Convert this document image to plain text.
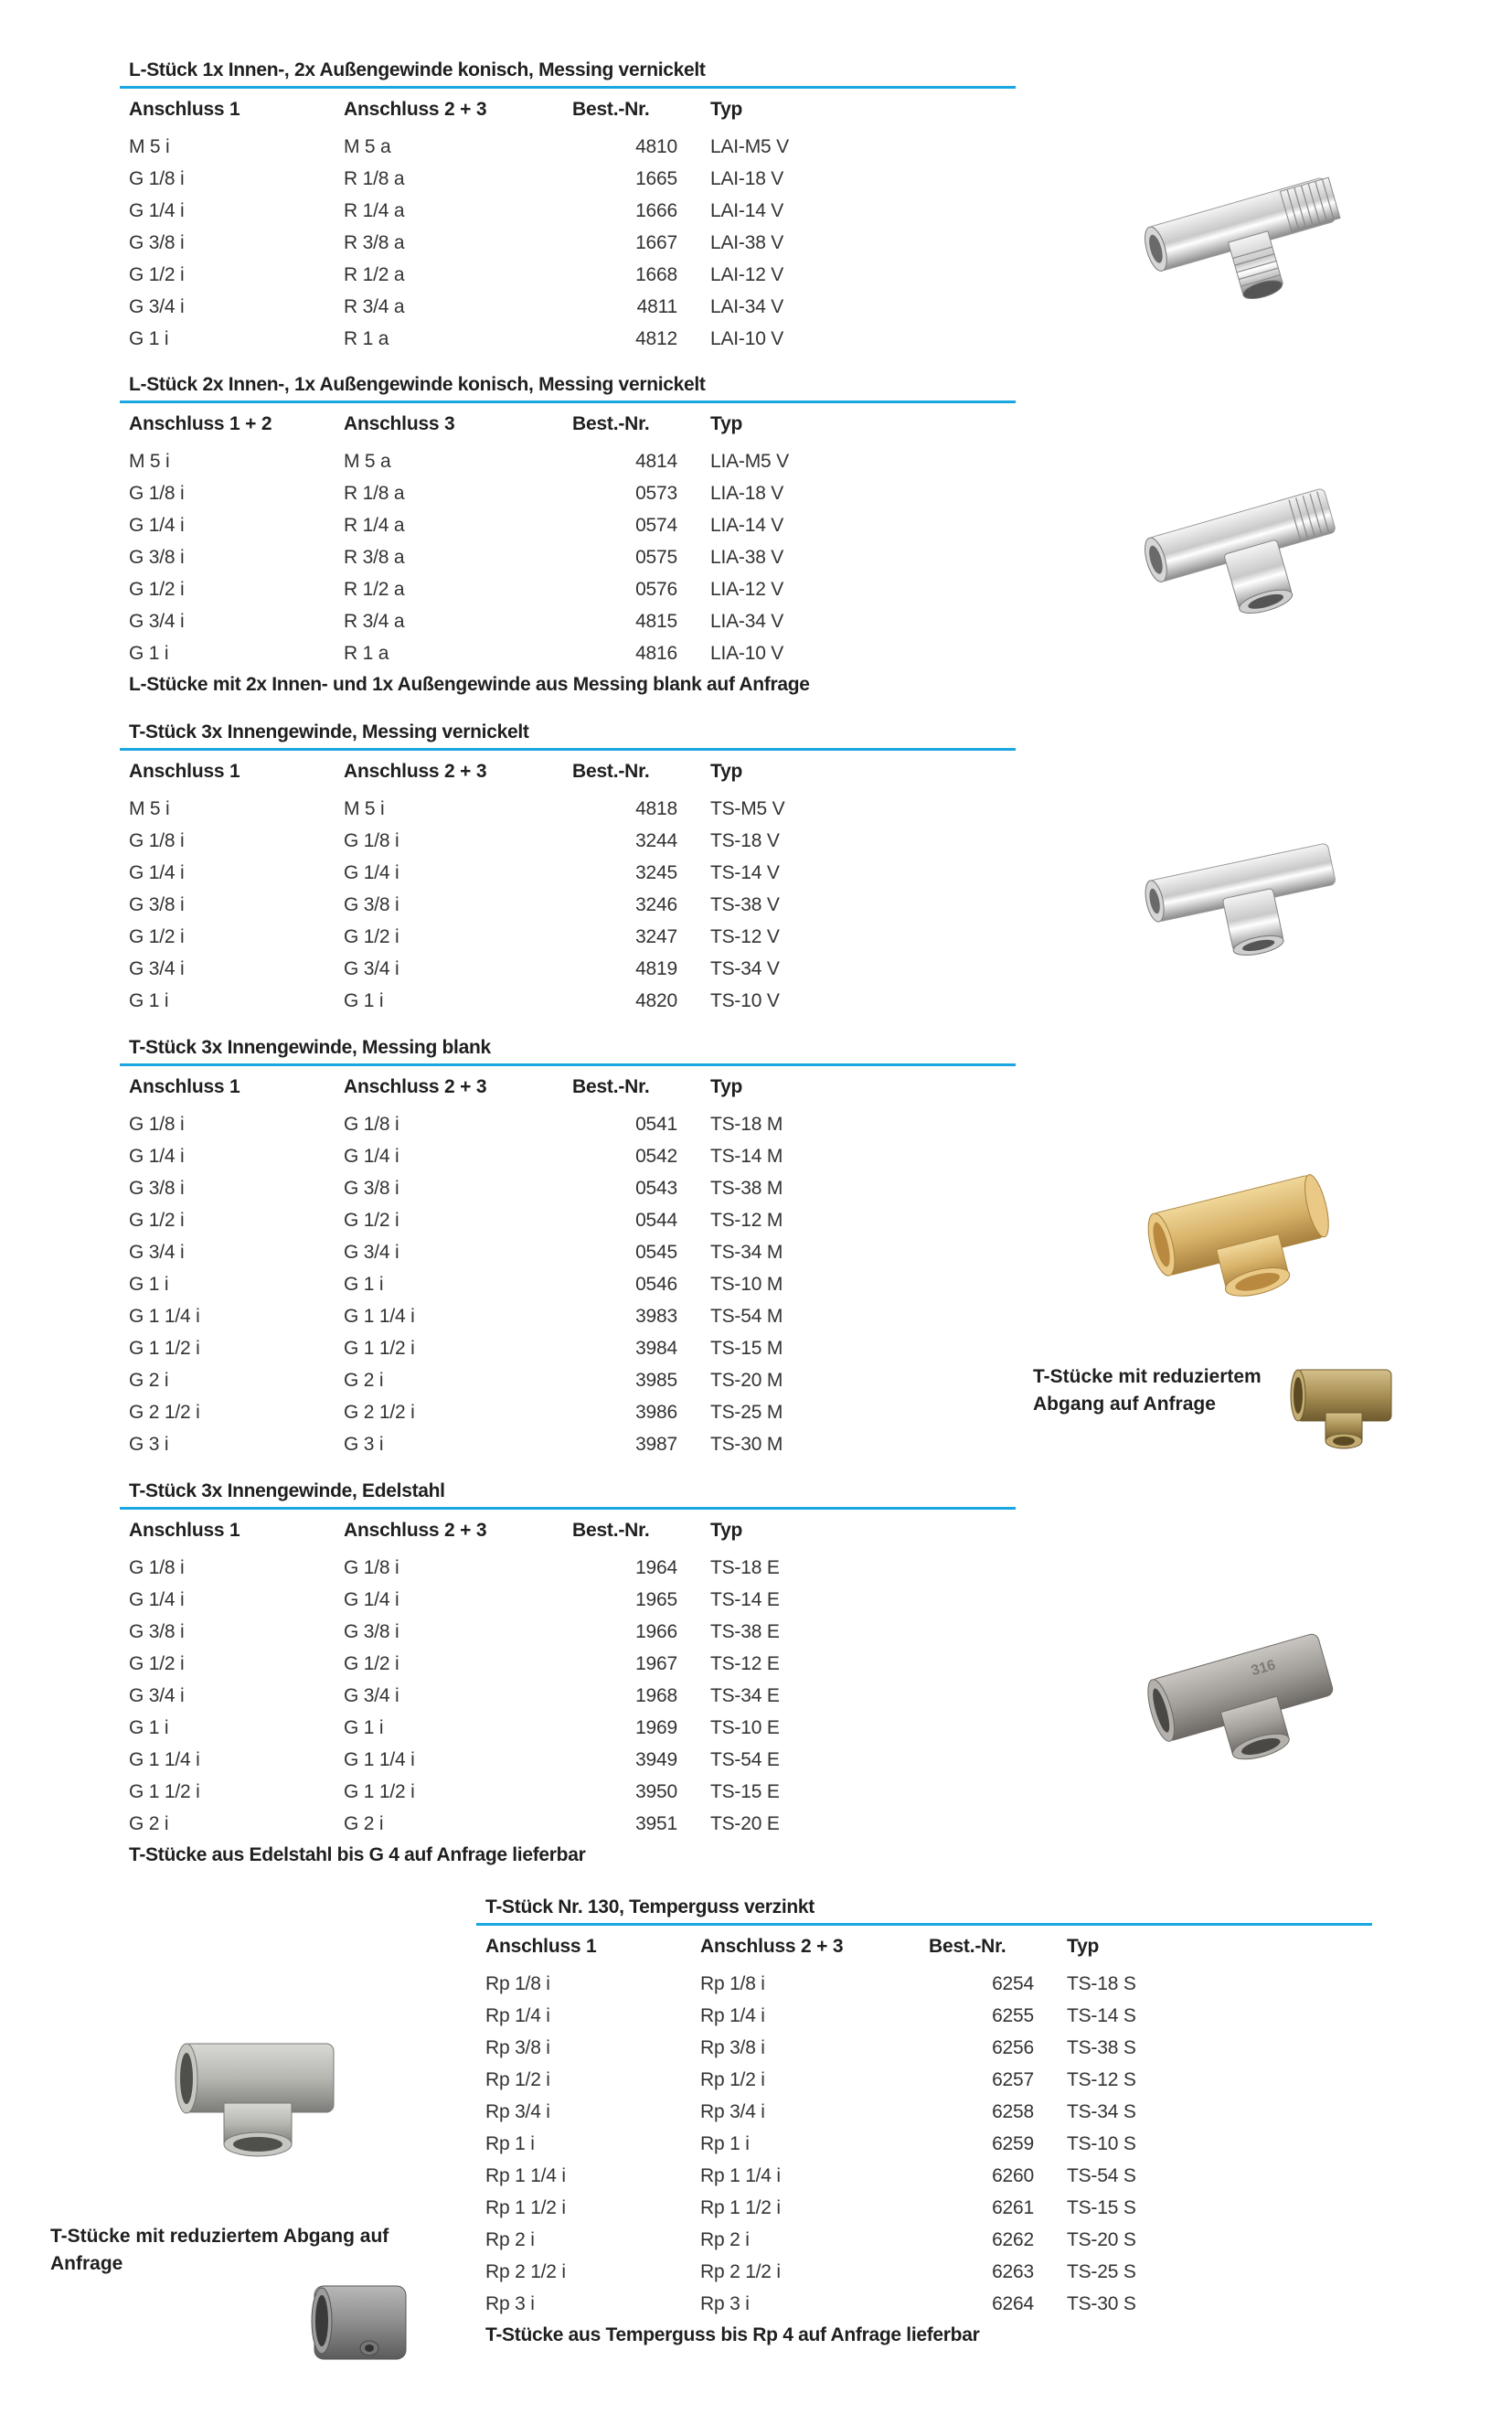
L-Stück 1x Innen-, 2x Außengewinde konisch, Messing vernickelt
Anschluss 1	Anschluss 2 + 3	Best.-Nr.	Typ
M 5 i	M 5 a	4810	LAI-M5 V
G 1/8 i	R 1/8 a	1665	LAI-18 V
G 1/4 i	R 1/4 a	1666	LAI-14 V
G 3/8 i	R 3/8 a	1667	LAI-38 V
G 1/2 i	R 1/2 a	1668	LAI-12 V
G 3/4 i	R 3/4 a	4811	LAI-34 V
G 1 i	R 1 a	4812	LAI-10 V
L-Stück 2x Innen-, 1x Außengewinde konisch, Messing vernickelt
Anschluss 1 + 2	Anschluss 3	Best.-Nr.	Typ
M 5 i	M 5 a	4814	LIA-M5 V
G 1/8 i	R 1/8 a	0573	LIA-18 V
G 1/4 i	R 1/4 a	0574	LIA-14 V
G 3/8 i	R 3/8 a	0575	LIA-38 V
G 1/2 i	R 1/2 a	0576	LIA-12 V
G 3/4 i	R 3/4 a	4815	LIA-34 V
G 1 i	R 1 a	4816	LIA-10 V
L-Stücke mit 2x Innen- und 1x Außengewinde aus Messing blank auf Anfrage
T-Stück 3x Innengewinde, Messing vernickelt
Anschluss 1	Anschluss 2 + 3	Best.-Nr.	Typ
M 5 i	M 5 i	4818	TS-M5 V
G 1/8 i	G 1/8 i	3244	TS-18 V
G 1/4 i	G 1/4 i	3245	TS-14 V
G 3/8 i	G 3/8 i	3246	TS-38 V
G 1/2 i	G 1/2 i	3247	TS-12 V
G 3/4 i	G 3/4 i	4819	TS-34 V
G 1 i	G 1 i	4820	TS-10 V
T-Stück 3x Innengewinde, Messing blank
Anschluss 1	Anschluss 2 + 3	Best.-Nr.	Typ
G 1/8 i	G 1/8 i	0541	TS-18 M
G 1/4 i	G 1/4 i	0542	TS-14 M
G 3/8 i	G 3/8 i	0543	TS-38 M
G 1/2 i	G 1/2 i	0544	TS-12 M
G 3/4 i	G 3/4 i	0545	TS-34 M
G 1 i	G 1 i	0546	TS-10 M
G 1 1/4 i	G 1 1/4 i	3983	TS-54 M
G 1 1/2 i	G 1 1/2 i	3984	TS-15 M
G 2 i	G 2 i	3985	TS-20 M
G 2 1/2 i	G 2 1/2 i	3986	TS-25 M
G 3 i	G 3 i	3987	TS-30 M
T-Stücke mit reduziertem
Abgang auf Anfrage
T-Stück 3x Innengewinde, Edelstahl
Anschluss 1	Anschluss 2 + 3	Best.-Nr.	Typ
G 1/8 i	G 1/8 i	1964	TS-18 E
G 1/4 i	G 1/4 i	1965	TS-14 E
G 3/8 i	G 3/8 i	1966	TS-38 E
G 1/2 i	G 1/2 i	1967	TS-12 E
G 3/4 i	G 3/4 i	1968	TS-34 E
G 1 i	G 1 i	1969	TS-10 E
G 1 1/4 i	G 1 1/4 i	3949	TS-54 E
G 1 1/2 i	G 1 1/2 i	3950	TS-15 E
G 2 i	G 2 i	3951	TS-20 E
T-Stücke aus Edelstahl bis G 4 auf Anfrage lieferbar
316
T-Stück Nr. 130, Temperguss verzinkt
Anschluss 1	Anschluss 2 + 3	Best.-Nr.	Typ
Rp 1/8 i	Rp 1/8 i	6254	TS-18 S
Rp 1/4 i	Rp 1/4 i	6255	TS-14 S
Rp 3/8 i	Rp 3/8 i	6256	TS-38 S
Rp 1/2 i	Rp 1/2 i	6257	TS-12 S
Rp 3/4 i	Rp 3/4 i	6258	TS-34 S
Rp 1 i	Rp 1 i	6259	TS-10 S
Rp 1 1/4 i	Rp 1 1/4 i	6260	TS-54 S
Rp 1 1/2 i	Rp 1 1/2 i	6261	TS-15 S
Rp 2 i	Rp 2 i	6262	TS-20 S
Rp 2 1/2 i	Rp 2 1/2 i	6263	TS-25 S
Rp 3 i	Rp 3 i	6264	TS-30 S
T-Stücke aus Temperguss bis Rp 4 auf Anfrage lieferbar
T-Stücke mit reduziertem Abgang auf
Anfrage
